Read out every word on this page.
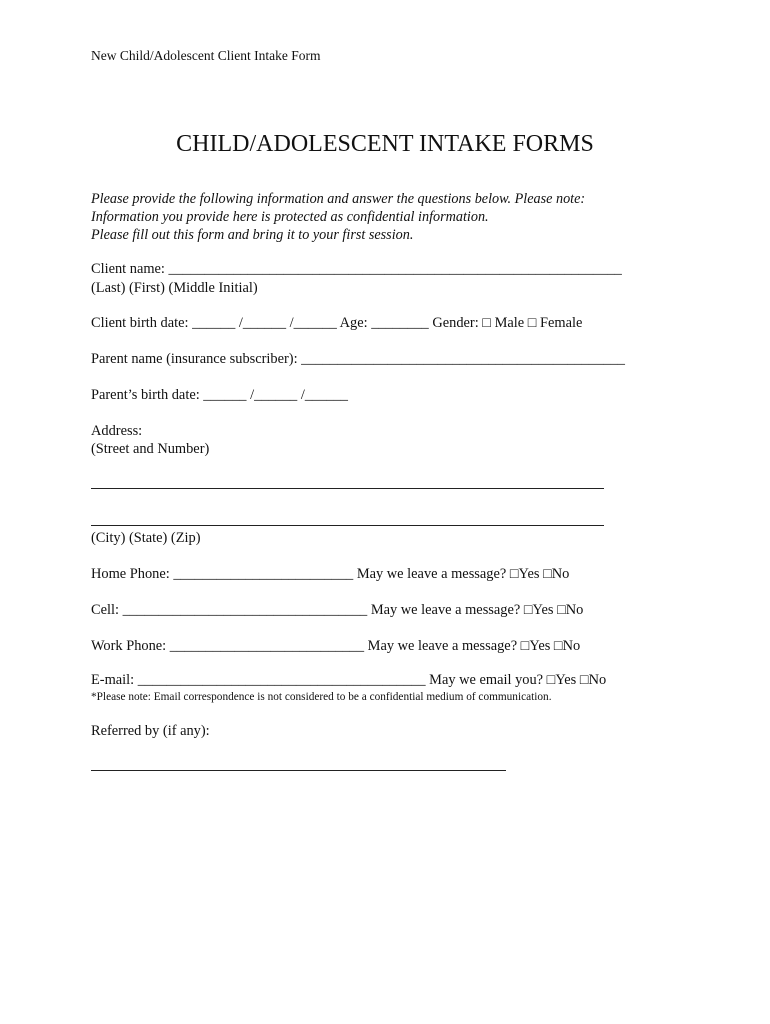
New Child/Adolescent Client Intake Form
CHILD/ADOLESCENT INTAKE FORMS
Please provide the following information and answer the questions below. Please note:
Information you provide here is protected as confidential information.
Please fill out this form and bring it to your first session.
Client name: _______________________________________________________________
(Last) (First) (Middle Initial)
Client birth date: ______ /______ /______ Age: ________ Gender: □ Male □ Female
Parent name (insurance subscriber): _____________________________________________
Parent’s birth date: ______ /______ /______
Address:
(Street and Number)
(City) (State) (Zip)
Home Phone: _________________________ May we leave a message? □Yes □No
Cell: __________________________________ May we leave a message? □Yes □No
Work Phone: ___________________________ May we leave a message? □Yes □No
E-mail: ________________________________________ May we email you? □Yes □No
*Please note: Email correspondence is not considered to be a confidential medium of communication.
Referred by (if any):
